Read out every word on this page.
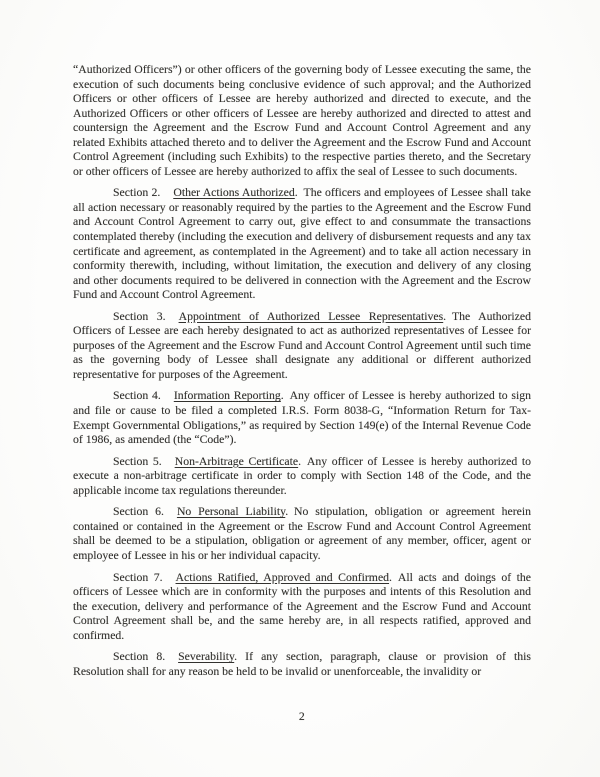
“Authorized Officers”) or other officers of the governing body of Lessee executing the same, the execution of such documents being conclusive evidence of such approval; and the Authorized Officers or other officers of Lessee are hereby authorized and directed to execute, and the Authorized Officers or other officers of Lessee are hereby authorized and directed to attest and countersign the Agreement and the Escrow Fund and Account Control Agreement and any related Exhibits attached thereto and to deliver the Agreement and the Escrow Fund and Account Control Agreement (including such Exhibits) to the respective parties thereto, and the Secretary or other officers of Lessee are hereby authorized to affix the seal of Lessee to such documents.

Section 2. Other Actions Authorized. The officers and employees of Lessee shall take all action necessary or reasonably required by the parties to the Agreement and the Escrow Fund and Account Control Agreement to carry out, give effect to and consummate the transactions contemplated thereby (including the execution and delivery of disbursement requests and any tax certificate and agreement, as contemplated in the Agreement) and to take all action necessary in conformity therewith, including, without limitation, the execution and delivery of any closing and other documents required to be delivered in connection with the Agreement and the Escrow Fund and Account Control Agreement.

Section 3. Appointment of Authorized Lessee Representatives. The Authorized Officers of Lessee are each hereby designated to act as authorized representatives of Lessee for purposes of the Agreement and the Escrow Fund and Account Control Agreement until such time as the governing body of Lessee shall designate any additional or different authorized representative for purposes of the Agreement.

Section 4. Information Reporting. Any officer of Lessee is hereby authorized to sign and file or cause to be filed a completed I.R.S. Form 8038-G, “Information Return for Tax-Exempt Governmental Obligations,” as required by Section 149(e) of the Internal Revenue Code of 1986, as amended (the “Code”).

Section 5. Non-Arbitrage Certificate. Any officer of Lessee is hereby authorized to execute a non-arbitrage certificate in order to comply with Section 148 of the Code, and the applicable income tax regulations thereunder.

Section 6. No Personal Liability. No stipulation, obligation or agreement herein contained or contained in the Agreement or the Escrow Fund and Account Control Agreement shall be deemed to be a stipulation, obligation or agreement of any member, officer, agent or employee of Lessee in his or her individual capacity.

Section 7. Actions Ratified, Approved and Confirmed. All acts and doings of the officers of Lessee which are in conformity with the purposes and intents of this Resolution and the execution, delivery and performance of the Agreement and the Escrow Fund and Account Control Agreement shall be, and the same hereby are, in all respects ratified, approved and confirmed.

Section 8. Severability. If any section, paragraph, clause or provision of this Resolution shall for any reason be held to be invalid or unenforceable, the invalidity or

2
